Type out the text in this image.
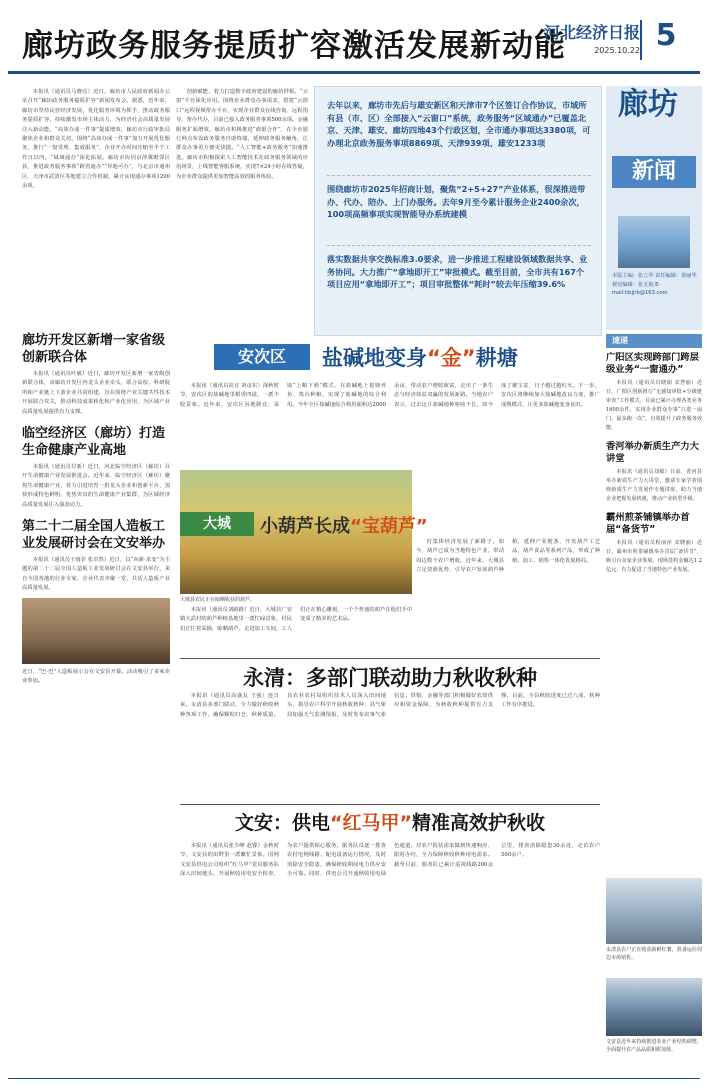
廊坊政务服务提质扩容激活发展新动能
河北经济日报
2025.10.22 5

本报讯（通讯员马晓亮）近日，廊坊市人民政府新闻办公室召开“廊坊政务服务提质扩容”新闻发布会。据悉，近年来，廊坊市坚持民营经济发展，优化服务环境为抓手，推动政务服务提质扩容，持续激发市场主体活力，为经济社会高质量发展注入新动能。“高效办成一件事”提质增效。廊坊市行政审批局聚焦企业和群众关切，围绕“高效办成一件事”加力开展优化服务，推行“一窗受理、集成服务”，企业开办时间压缩至半个工作日以内。“域域通办”深化拓展。廊坊市协同京津冀毗邻区县，推进政务服务事项“跨省通办”“异地可办”，与北京市通州区、天津市武清区等地建立合作机制，累计实现通办事项1200余项。

创新赋能，着力打造数字政府建设的廊坊样板。“云窗”平台深化应用。围绕企业群众办事需求，搭建“云窗口”远程视频帮办平台，实现企业群众在线咨询、远程指导、帮办代办，目前已接入政务服务事项500余项。金融服务扩面增效。廊坊市积极推进“政银合作”，在全市银行网点布设政务服务自助终端，延伸政务服务触角，让群众办事更方便更快捷。“人工智能+政务服务”加速推进。廊坊市积极探索人工智能技术在政务服务领域的应用场景，上线智能客服系统，实现7×24小时在线答疑，为企业群众提供更加智能高效的服务体验。

去年以来，廊坊市先后与雄安新区和天津市7个区签订合作协议，市域所有县（市、区）全部接入“云窗口”系统，政务服务“区域通办”已覆盖北京、天津、雄安、廊坊四地43个行政区划，全市通办事项达3380项，可办理北京政务服务事项8869项、天津939项、雄安1233项
围绕廊坊市2025年招商计划，聚焦“2+5+27”产业体系，很深推进带办、代办、陪办、上门办服务。去年9月至今累计服务企业2400余次，100项高频事项实现智能导办系统建模
落实数据共享交换标准3.0要求，进一步推进工程建设领域数据共享、业务协同。大力推广“拿地即开工”审批模式。截至目前，全市共有167个项目应用“拿地即开工”；项目审批整体“耗时”较去年压缩39.6%
廊坊
新闻
本版主编：张立华 责任编辑：徐丽华 视觉编辑：张五航 E-mail:hbjjrb@163.com
速递
广阳区实现跨部门跨层级业务“一窗通办”

本报讯（通讯员冯晓娟 宋慧丽）近日，广阳区创新推行“无感知审批+分级链审查”工作模式，目前已累计办理各类业务1600余件，实现企业群众办事“只进一扇门、最多跑一次”，有效提升了政务服务效能。

香河举办新质生产力大讲堂

本报讯（通讯员刘敏）日前，香河县举办新质生产力大讲堂，邀请专家学者围绕新质生产力发展作专题讲座，助力当地企业把握发展机遇，推动产业转型升级。

霸州煎茶铺镇举办首届“备货节”

本报讯（通讯员程丽萍 宋晓丽）近日，霸州市煎茶铺镇举办首届“备货节”，吸引百余家企业参展，现场签约金额达1.2亿元，有力促进了当地特色产业发展。

永清县农户正在收获新鲜红薯，准备运往周边市场销售。
文安县近年来持续推进农业产业结构调整，全面提升农产品品质和附加值。
廊坊开发区新增一家省级创新联合体

本报讯（通讯员叶敏）近日，廊坊开发区新增一家省级创新联合体，由廊坊开发区内龙头企业牵头，联合高校、科研院所和产业链上下游企业共同组建，旨在围绕产业关键共性技术开展联合攻关，推动科技成果转化和产业化应用，为区域产业高质量发展提供有力支撑。

临空经济区（廊坊）打造生命健康产业高地

本报讯（通讯员付新）近日，河北临空经济区（廊坊）召开生命健康产业发展推进会。近年来，临空经济区（廊坊）聚焦生命健康产业，着力引进培育一批龙头企业和创新平台，加快形成特色鲜明、优势突出的生命健康产业集群，为区域经济高质量发展注入强劲动力。

第二十二届全国人造板工业发展研讨会在文安举办

本报讯（通讯员王雨菲 张卓然）近日，以“向新·求变”为主题的第二十二届全国人造板工业发展研讨会在文安县举行，来自全国各地的行业专家、企业代表齐聚一堂，共话人造板产业高质量发展。

近日，“巴·巴”人造板展示会在文安县开幕。活动吸引了多家企业参加。
安次区	盐碱地变身“金”耕塘

本报讯（通讯员高宜 刘彦东）深秋时节，安次区的盐碱地里稻香四溢，一派丰收景象。近年来，安次区因地制宜，采取“上粮下渔”模式，在盐碱地上挖塘养鱼、筑台种粮，实现了盐碱地的综合利用。今年全区盐碱地综合利用面积达2000余亩，带动农户增收致富，走出了一条生态与经济效益双赢的发展新路。当地农户表示，过去这片盐碱地种啥啥不长，如今成了聚宝盆，日子越过越红火。下一步，安次区将继续加大盐碱地改良力度，推广成熟模式，让更多盐碱地变身良田。

大城	小葫芦长成“宝葫芦”
大城县农民正在晾晒收获的葫芦。

村集体经济发展了新路子。如今，葫芦已成为当地特色产业，带动周边数千农户增收。近年来，大城县立足资源优势，引导农户发展葫芦种植，延伸产业链条，开发葫芦工艺品、葫芦食品等系列产品，形成了种植、加工、销售一体化发展格局。

本报讯（通讯员刘路路）近日，大城县广安镇大武村的葫芦种植基地里一派忙碌景象，村民们正忙着采摘、晾晒葫芦。走进加工车间，工人们正在精心雕刻，一个个普通的葫芦在他们手中变成了精美的艺术品。

永清：多部门联动助力秋收秋种

本报讯（通讯员高盛友 王强）连日来，永清县多部门联动，全力做好秋收秋种各项工作，确保颗粒归仓、秋种质量。县农业农村局组织技术人员深入田间地头，指导农户科学开展秋收秋种；县气象局加强天气监测预报，及时发布农事气象信息；供销、金融等部门积极做好农资供应和资金保障，为秋收秋种提供有力支撑。目前，全县秋收进度已过八成，秋种工作有序推进。

文安：供电“红马甲”精准高效护秋收

本报讯（通讯员张少峰 赵睿）金秋时节，文安县的田野里一派繁忙景象。国网文安县供电公司组织“红马甲”党员服务队深入田间地头，开展秋收用电安全检查，为农户提供贴心服务。服务队员逐一排查农村电网线路、配电设备运行情况，及时消除安全隐患，确保秋收期间电力供应安全可靠。同时，供电公司开通秋收用电绿色通道，对农户报装需求做到快速响应、限时办结，全力保障秋收秋种用电需求。截至目前，服务队已累计巡视线路200余公里，排查消除隐患30余处，走访农户500余户。
